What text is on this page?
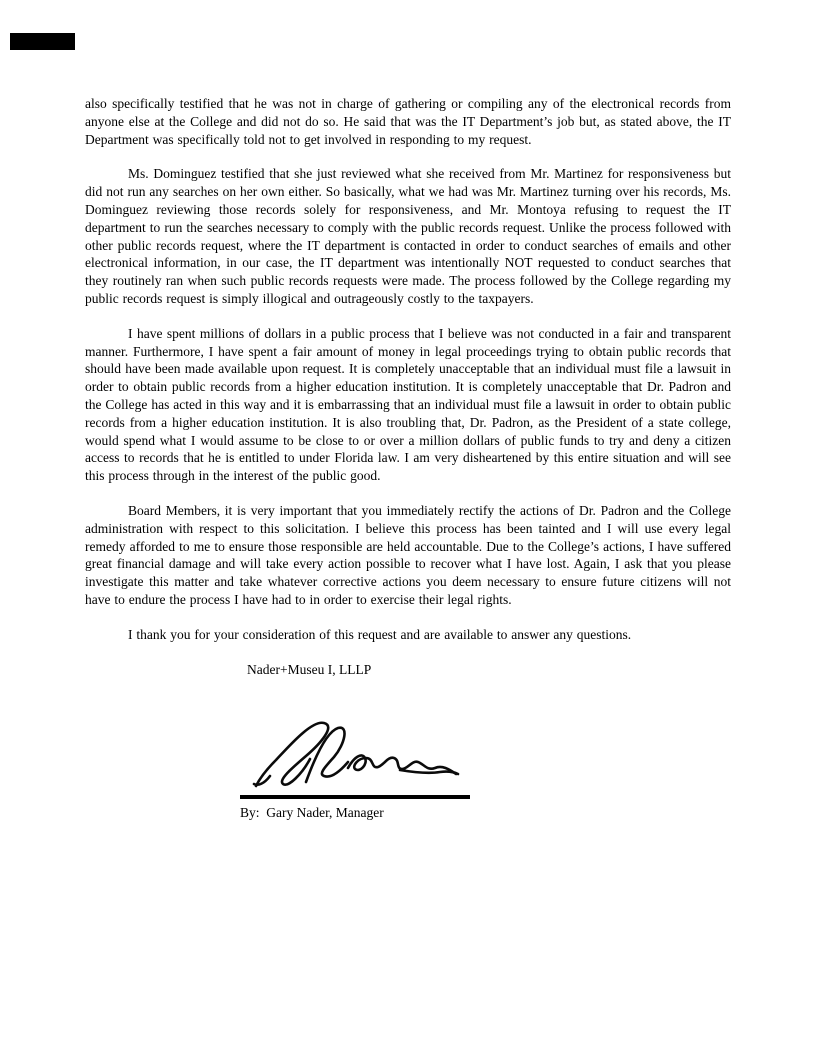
also specifically testified that he was not in charge of gathering or compiling any of the electronical records from anyone else at the College and did not do so. He said that was the IT Department’s job but, as stated above, the IT Department was specifically told not to get involved in responding to my request.

Ms. Dominguez testified that she just reviewed what she received from Mr. Martinez for responsiveness but did not run any searches on her own either. So basically, what we had was Mr. Martinez turning over his records, Ms. Dominguez reviewing those records solely for responsiveness, and Mr. Montoya refusing to request the IT department to run the searches necessary to comply with the public records request. Unlike the process followed with other public records request, where the IT department is contacted in order to conduct searches of emails and other electronical information, in our case, the IT department was intentionally NOT requested to conduct searches that they routinely ran when such public records requests were made. The process followed by the College regarding my public records request is simply illogical and outrageously costly to the taxpayers.

I have spent millions of dollars in a public process that I believe was not conducted in a fair and transparent manner. Furthermore, I have spent a fair amount of money in legal proceedings trying to obtain public records that should have been made available upon request. It is completely unacceptable that an individual must file a lawsuit in order to obtain public records from a higher education institution. It is completely unacceptable that Dr. Padron and the College has acted in this way and it is embarrassing that an individual must file a lawsuit in order to obtain public records from a higher education institution. It is also troubling that, Dr. Padron, as the President of a state college, would spend what I would assume to be close to or over a million dollars of public funds to try and deny a citizen access to records that he is entitled to under Florida law. I am very disheartened by this entire situation and will see this process through in the interest of the public good.

Board Members, it is very important that you immediately rectify the actions of Dr. Padron and the College administration with respect to this solicitation. I believe this process has been tainted and I will use every legal remedy afforded to me to ensure those responsible are held accountable. Due to the College’s actions, I have suffered great financial damage and will take every action possible to recover what I have lost. Again, I ask that you please investigate this matter and take whatever corrective actions you deem necessary to ensure future citizens will not have to endure the process I have had to in order to exercise their legal rights.

I thank you for your consideration of this request and are available to answer any questions.

Nader+Museu I, LLLP

By:  Gary Nader, Manager
